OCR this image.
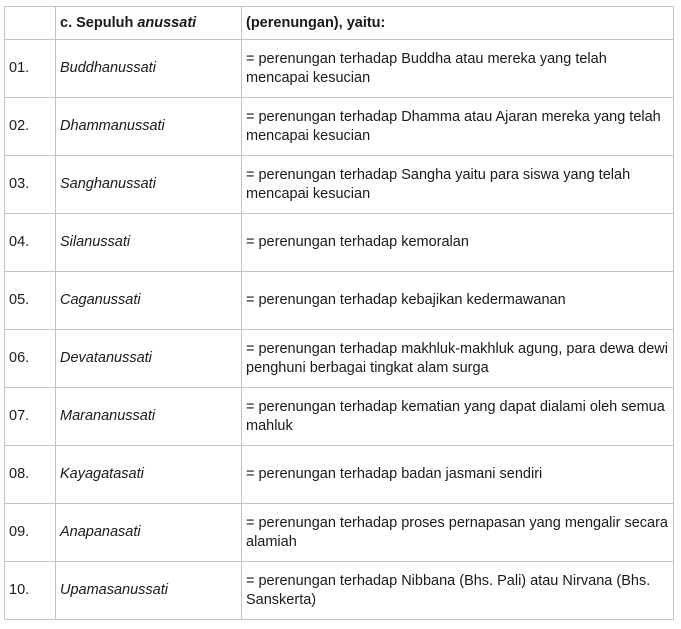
	c. Sepuluh anussati	(perenungan), yaitu:
01.	Buddhanussati	= perenungan terhadap Buddha atau mereka yang telah mencapai kesucian
02.	Dhammanussati	= perenungan terhadap Dhamma atau Ajaran mereka yang telah mencapai kesucian
03.	Sanghanussati	= perenungan terhadap Sangha yaitu para siswa yang telah mencapai kesucian
04.	Silanussati	= perenungan terhadap kemoralan
05.	Caganussati	= perenungan terhadap kebajikan kedermawanan
06.	Devatanussati	= perenungan terhadap makhluk-makhluk agung, para dewa dewi penghuni berbagai tingkat alam surga
07.	Marananussati	= perenungan terhadap kematian yang dapat dialami oleh semua mahluk
08.	Kayagatasati	= perenungan terhadap badan jasmani sendiri
09.	Anapanasati	= perenungan terhadap proses pernapasan yang mengalir secara alamiah
10.	Upamasanussati	= perenungan terhadap Nibbana (Bhs. Pali) atau Nirvana (Bhs. Sanskerta)
